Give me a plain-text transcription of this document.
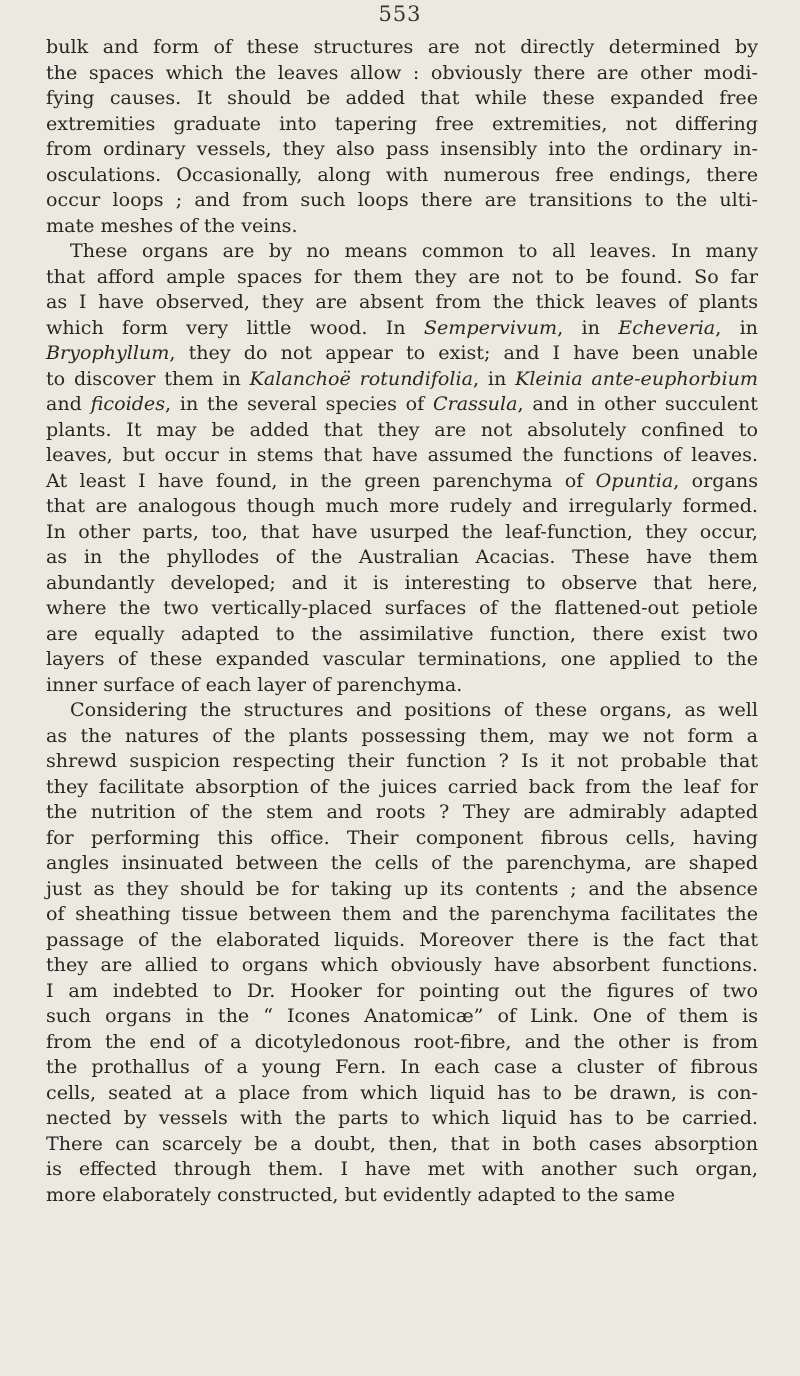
553

bulk and form of these structures are not directly determined by
the spaces which the leaves allow : obviously there are other modi-
fying causes. It should be added that while these expanded free
extremities graduate into tapering free extremities, not differing
from ordinary vessels, they also pass insensibly into the ordinary in-
osculations. Occasionally, along with numerous free endings, there
occur loops ; and from such loops there are transitions to the ulti-
mate meshes of the veins.

These organs are by no means common to all leaves. In many
that afford ample spaces for them they are not to be found. So far
as I have observed, they are absent from the thick leaves of plants
which form very little wood. In Sempervivum, in Echeveria, in
Bryophyllum, they do not appear to exist; and I have been unable
to discover them in Kalanchoë rotundifolia, in Kleinia ante-euphorbium
and ficoides, in the several species of Crassula, and in other succulent
plants. It may be added that they are not absolutely confined to
leaves, but occur in stems that have assumed the functions of leaves.
At least I have found, in the green parenchyma of Opuntia, organs
that are analogous though much more rudely and irregularly formed.
In other parts, too, that have usurped the leaf-function, they occur,
as in the phyllodes of the Australian Acacias. These have them
abundantly developed; and it is interesting to observe that here,
where the two vertically-placed surfaces of the flattened-out petiole
are equally adapted to the assimilative function, there exist two
layers of these expanded vascular terminations, one applied to the
inner surface of each layer of parenchyma.

Considering the structures and positions of these organs, as well
as the natures of the plants possessing them, may we not form a
shrewd suspicion respecting their function ? Is it not probable that
they facilitate absorption of the juices carried back from the leaf for
the nutrition of the stem and roots ? They are admirably adapted
for performing this office. Their component fibrous cells, having
angles insinuated between the cells of the parenchyma, are shaped
just as they should be for taking up its contents ; and the absence
of sheathing tissue between them and the parenchyma facilitates the
passage of the elaborated liquids. Moreover there is the fact that
they are allied to organs which obviously have absorbent functions.
I am indebted to Dr. Hooker for pointing out the figures of two
such organs in the “ Icones Anatomicæ” of Link. One of them is
from the end of a dicotyledonous root-fibre, and the other is from
the prothallus of a young Fern. In each case a cluster of fibrous
cells, seated at a place from which liquid has to be drawn, is con-
nected by vessels with the parts to which liquid has to be carried.
There can scarcely be a doubt, then, that in both cases absorption
is effected through them. I have met with another such organ,
more elaborately constructed, but evidently adapted to the same
